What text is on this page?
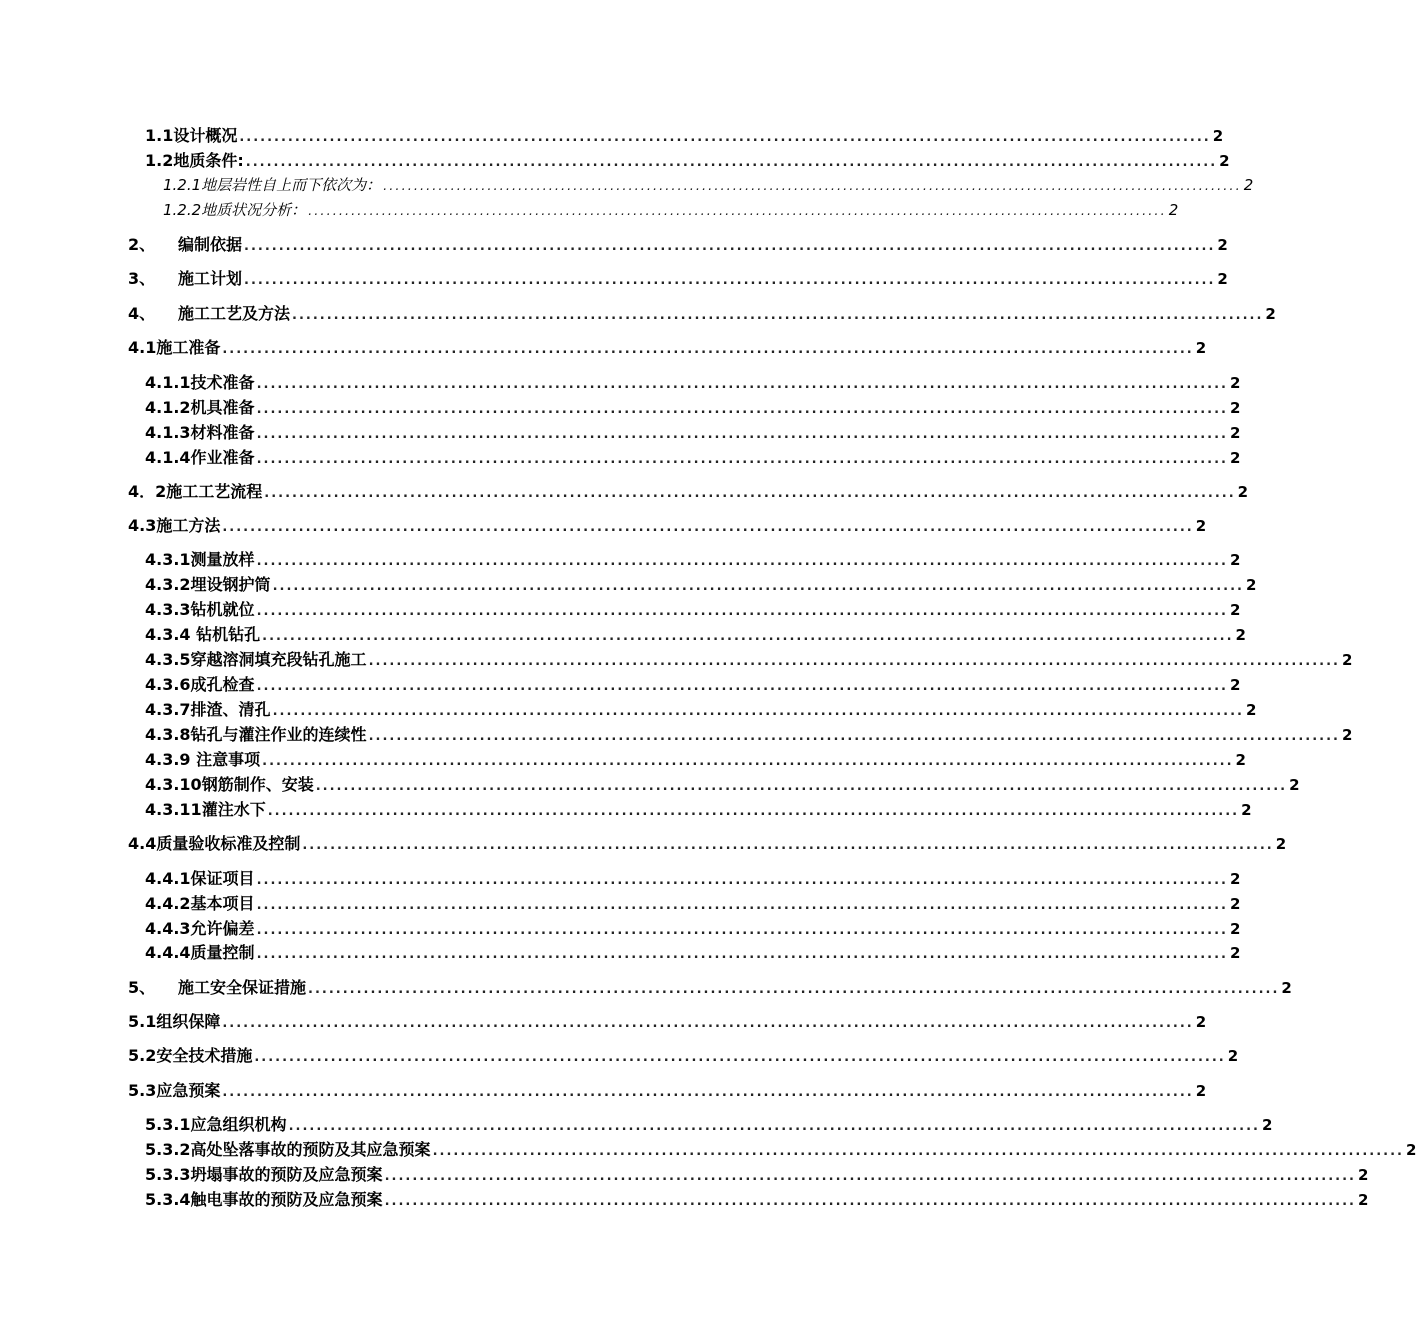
1.1设计概况 ............................................................................................................................................ 2
1.2地质条件: ............................................................................................................................................ 2
1.2.1地层岩性自上而下依次为： ............................................................................................................................................ 2
1.2.2地质状况分析： ............................................................................................................................................ 2
2、 编制依据 ............................................................................................................................................ 2
3、 施工计划 ............................................................................................................................................ 2
4、 施工工艺及方法 ............................................................................................................................................ 2
4.1施工准备 ............................................................................................................................................ 2
4.1.1技术准备 ............................................................................................................................................ 2
4.1.2机具准备 ............................................................................................................................................ 2
4.1.3材料准备 ............................................................................................................................................ 2
4.1.4作业准备 ............................................................................................................................................ 2
4．2施工工艺流程 ............................................................................................................................................ 2
4.3施工方法 ............................................................................................................................................ 2
4.3.1测量放样 ............................................................................................................................................ 2
4.3.2埋设钢护筒 ............................................................................................................................................ 2
4.3.3钻机就位 ............................................................................................................................................ 2
4.3.4 钻机钻孔 ............................................................................................................................................ 2
4.3.5穿越溶洞填充段钻孔施工 ............................................................................................................................................ 2
4.3.6成孔检查 ............................................................................................................................................ 2
4.3.7排渣、清孔 ............................................................................................................................................ 2
4.3.8钻孔与灌注作业的连续性 ............................................................................................................................................ 2
4.3.9 注意事项 ............................................................................................................................................ 2
4.3.10钢筋制作、安装 ............................................................................................................................................ 2
4.3.11灌注水下 ............................................................................................................................................ 2
4.4质量验收标准及控制 ............................................................................................................................................ 2
4.4.1保证项目 ............................................................................................................................................ 2
4.4.2基本项目 ............................................................................................................................................ 2
4.4.3允许偏差 ............................................................................................................................................ 2
4.4.4质量控制 ............................................................................................................................................ 2
5、 施工安全保证措施 ............................................................................................................................................ 2
5.1组织保障 ............................................................................................................................................ 2
5.2安全技术措施 ............................................................................................................................................ 2
5.3应急预案 ............................................................................................................................................ 2
5.3.1应急组织机构 ............................................................................................................................................ 2
5.3.2高处坠落事故的预防及其应急预案 ............................................................................................................................................ 2
5.3.3坍塌事故的预防及应急预案 ............................................................................................................................................ 2
5.3.4触电事故的预防及应急预案 ............................................................................................................................................ 2
